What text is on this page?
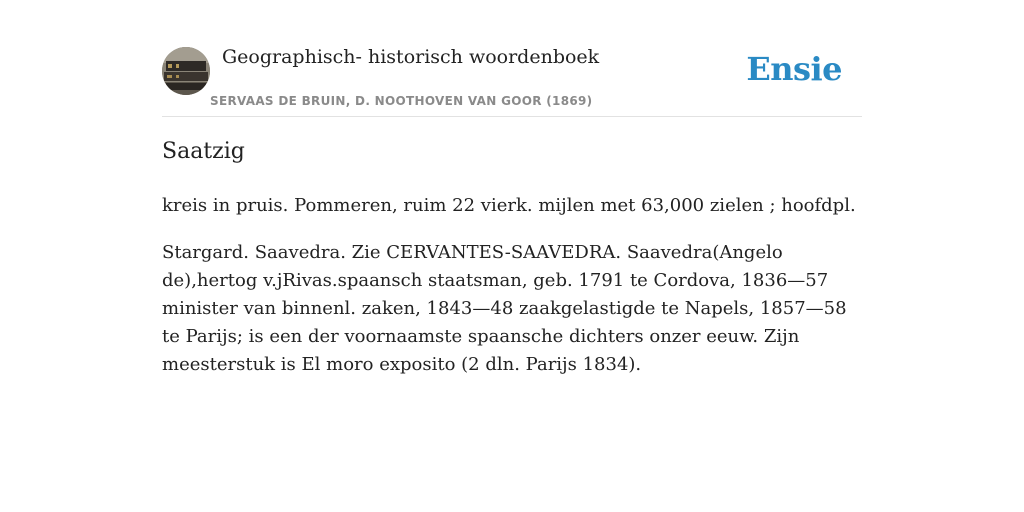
Geographisch- historisch woordenboek
SERVAAS DE BRUIN, D. NOOTHOVEN VAN GOOR (1869)
Ensie
Saatzig

kreis in pruis. Pommeren, ruim 22 vierk. mijlen met 63,000 zielen ; hoofdpl.

Stargard. Saavedra. Zie CERVANTES-SAAVEDRA. Saavedra(Angelo de),hertog v.jRivas.spaansch staatsman, geb. 1791 te Cordova, 1836—57 minister van binnenl. zaken, 1843—48 zaakgelastigde te Napels, 1857—58 te Parijs; is een der voornaamste spaansche dichters onzer eeuw. Zijn meesterstuk is El moro exposito (2 dln. Parijs 1834).
